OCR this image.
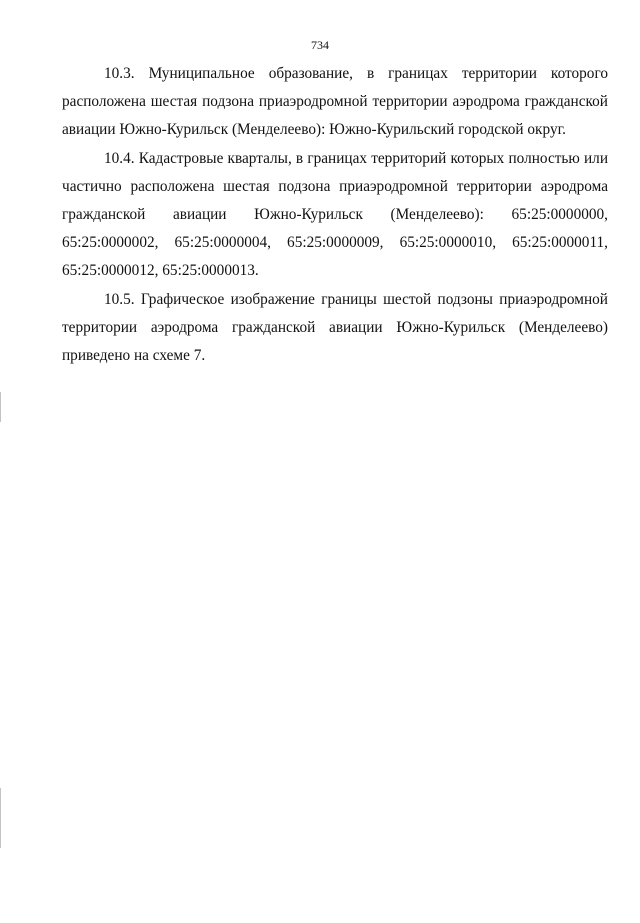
734

10.3. Муниципальное образование, в границах территории которого расположена шестая подзона приаэродромной территории аэродрома гражданской авиации Южно-Курильск (Менделеево): Южно-Курильский городской округ.

10.4. Кадастровые кварталы, в границах территорий которых полностью или частично расположена шестая подзона приаэродромной территории аэродрома гражданской авиации Южно-Курильск (Менделеево): 65:25:0000000, 65:25:0000002, 65:25:0000004, 65:25:0000009, 65:25:0000010, 65:25:0000011, 65:25:0000012, 65:25:0000013.

10.5. Графическое изображение границы шестой подзоны приаэродромной территории аэродрома гражданской авиации Южно-Курильск (Менделеево) приведено на схеме 7.
